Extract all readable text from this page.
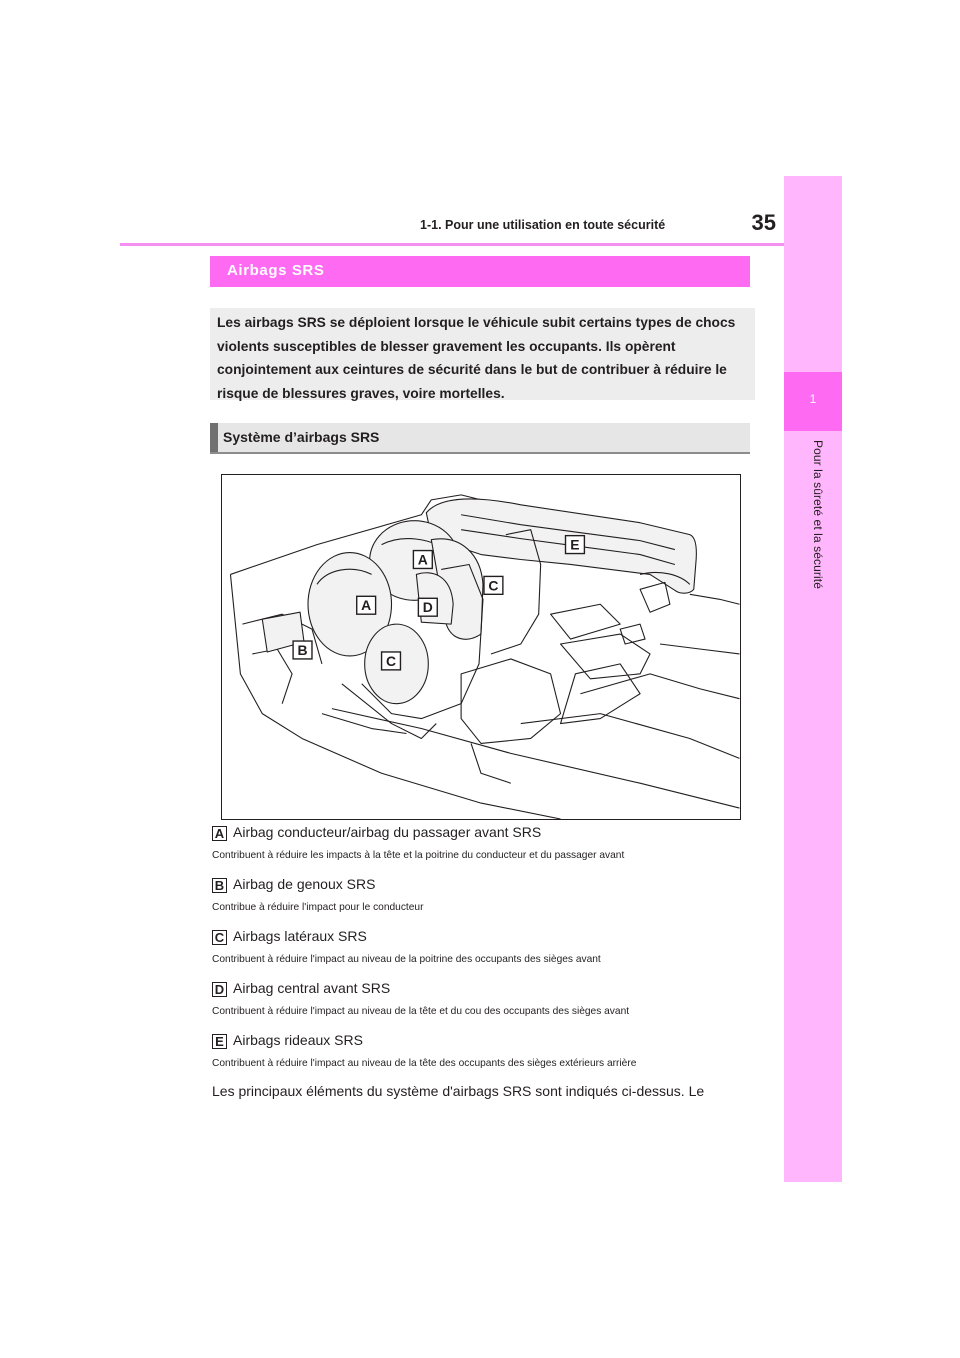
35
1-1. Pour une utilisation en toute sécurité
1
Pour la sûreté et la sécurité
Airbags SRS
Les airbags SRS se déploient lorsque le véhicule subit certains types de chocs violents susceptibles de blesser gravement les occupants. Ils opèrent conjointement aux ceintures de sécurité dans le but de contribuer à réduire le risque de blessures graves, voire mortelles.
Système d’airbags SRS
A
A
B
C
C
D
E
A Airbag conducteur/airbag du passager avant SRS
Contribuent à réduire les impacts à la tête et la poitrine du conducteur et du passager avant
B Airbag de genoux SRS
Contribue à réduire l'impact pour le conducteur
C Airbags latéraux SRS
Contribuent à réduire l'impact au niveau de la poitrine des occupants des sièges avant
D Airbag central avant SRS
Contribuent à réduire l'impact au niveau de la tête et du cou des occupants des sièges avant
E Airbags rideaux SRS
Contribuent à réduire l'impact au niveau de la tête des occupants des sièges extérieurs arrière
Les principaux éléments du système d'airbags SRS sont indiqués ci-dessus. Le
